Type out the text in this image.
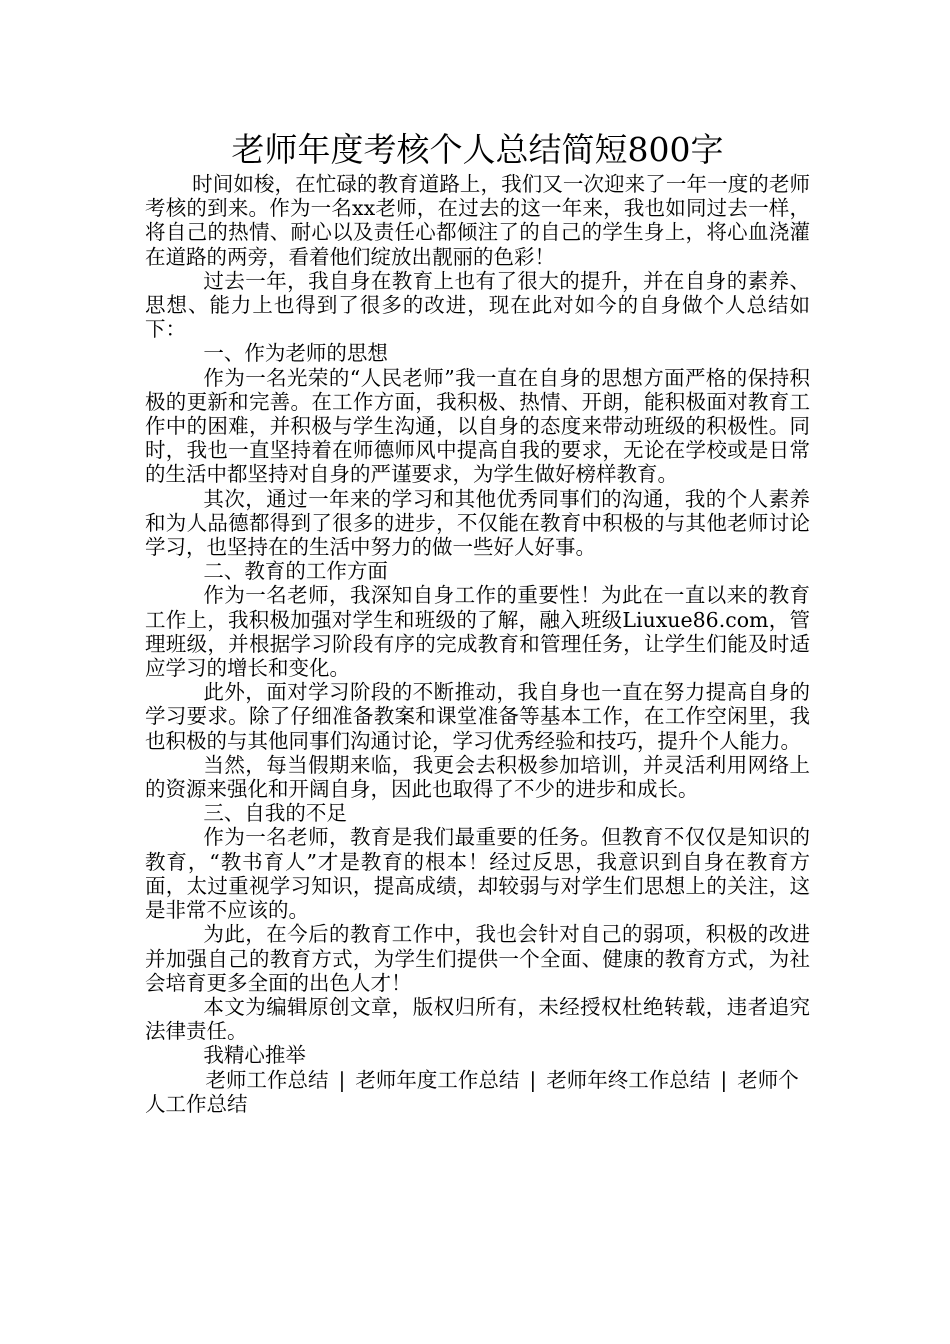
老师年度考核个人总结简短800字

时间如梭，在忙碌的教育道路上，我们又一次迎来了一年一度的老师考核的到来。作为一名xx老师，在过去的这一年来，我也如同过去一样，将自己的热情、耐心以及责任心都倾注了的自己的学生身上，将心血浇灌在道路的两旁，看着他们绽放出靓丽的色彩！

过去一年，我自身在教育上也有了很大的提升，并在自身的素养、思想、能力上也得到了很多的改进，现在此对如今的自身做个人总结如下：

一、作为老师的思想

作为一名光荣的“人民老师”我一直在自身的思想方面严格的保持积极的更新和完善。在工作方面，我积极、热情、开朗，能积极面对教育工作中的困难，并积极与学生沟通，以自身的态度来带动班级的积极性。同时，我也一直坚持着在师德师风中提高自我的要求，无论在学校或是日常的生活中都坚持对自身的严谨要求，为学生做好榜样教育。

其次，通过一年来的学习和其他优秀同事们的沟通，我的个人素养和为人品德都得到了很多的进步，不仅能在教育中积极的与其他老师讨论学习，也坚持在的生活中努力的做一些好人好事。

二、教育的工作方面

作为一名老师，我深知自身工作的重要性！为此在一直以来的教育工作上，我积极加强对学生和班级的了解，融入班级Liuxue86.com，管理班级，并根据学习阶段有序的完成教育和管理任务，让学生们能及时适应学习的增长和变化。

此外，面对学习阶段的不断推动，我自身也一直在努力提高自身的学习要求。除了仔细准备教案和课堂准备等基本工作，在工作空闲里，我也积极的与其他同事们沟通讨论，学习优秀经验和技巧，提升个人能力。

当然，每当假期来临，我更会去积极参加培训，并灵活利用网络上的资源来强化和开阔自身，因此也取得了不少的进步和成长。

三、自我的不足

作为一名老师，教育是我们最重要的任务。但教育不仅仅是知识的教育，“教书育人”才是教育的根本！经过反思，我意识到自身在教育方面，太过重视学习知识，提高成绩，却较弱与对学生们思想上的关注，这是非常不应该的。

为此，在今后的教育工作中，我也会针对自己的弱项，积极的改进并加强自己的教育方式，为学生们提供一个全面、健康的教育方式，为社会培育更多全面的出色人才！

本文为编辑原创文章，版权归所有，未经授权杜绝转载，违者追究法律责任。

我精心推举

老师工作总结 | 老师年度工作总结 | 老师年终工作总结 | 老师个人工作总结
